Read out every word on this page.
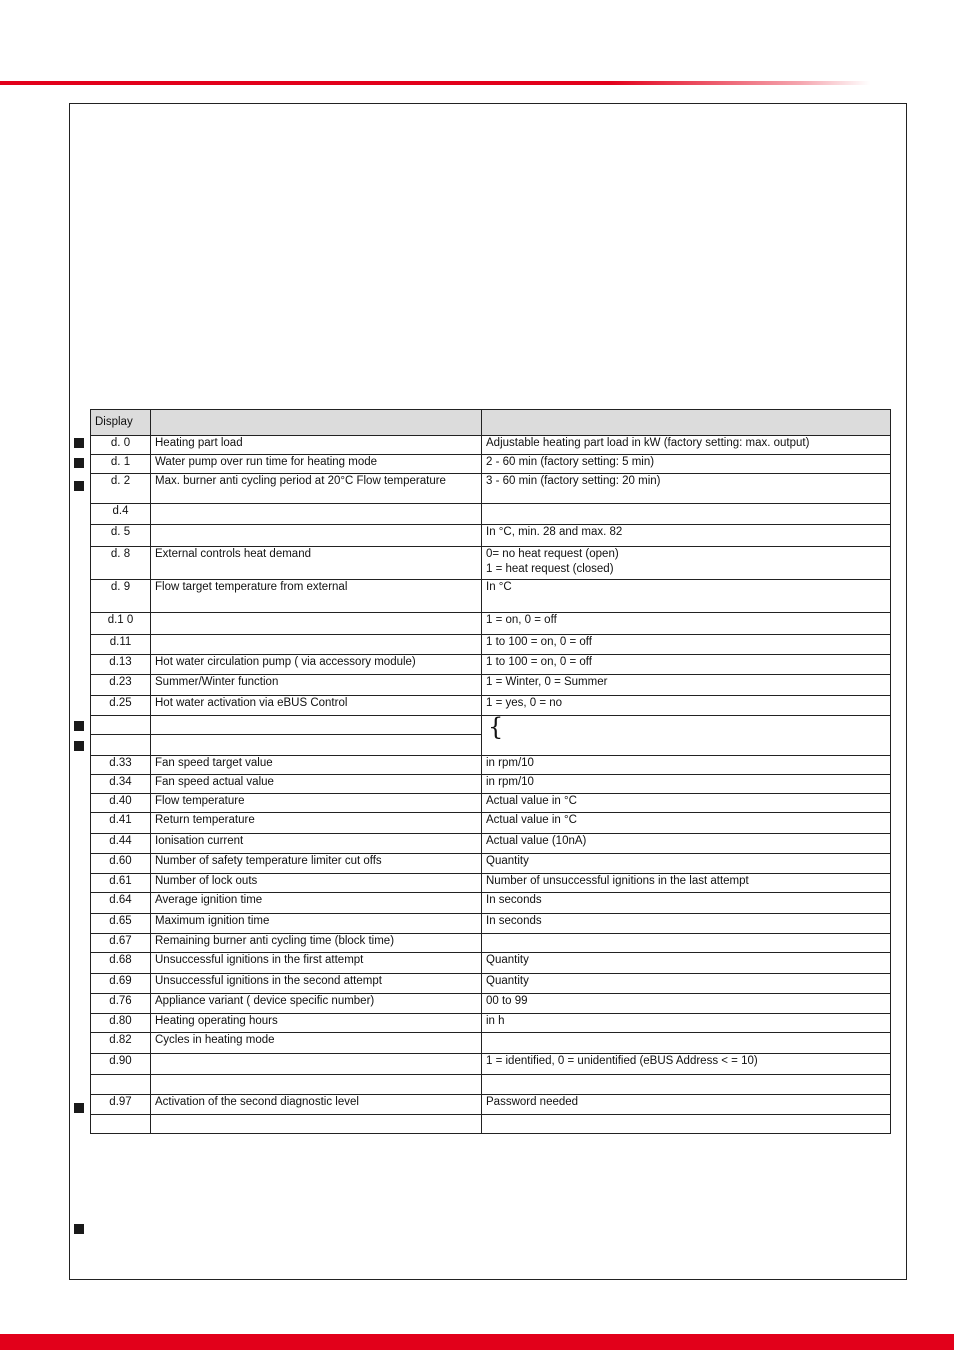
Display		
d. 0	Heating part load	Adjustable heating part load in kW (factory setting: max. output)
d. 1	Water pump over run time for heating mode	2 - 60 min (factory setting: 5 min)
d. 2	Max. burner anti cycling period at 20°C Flow temperature	3 - 60 min (factory setting: 20 min)
d.4		
d. 5		In °C, min. 28 and max. 82
d. 8	External controls heat demand	0= no heat request (open)
1 = heat request (closed)
d. 9	Flow target temperature from external	In °C
d.1 0		1 = on, 0 = off
d.11		1 to 100 = on, 0 = off
d.13	Hot water circulation pump ( via accessory module)	1 to 100 = on, 0 = off
d.23	Summer/Winter function	1 = Winter, 0 = Summer
d.25	Hot water activation via eBUS Control	1 = yes, 0 = no
		{

d.33	Fan speed target value	in rpm/10
d.34	Fan speed actual value	in rpm/10
d.40	Flow temperature	Actual value in °C
d.41	Return temperature	Actual value in °C
d.44	Ionisation current	Actual value (10nA)
d.60	Number of safety temperature limiter cut offs	Quantity
d.61	Number of lock outs	Number of unsuccessful ignitions in the last attempt
d.64	Average ignition time	In seconds
d.65	Maximum ignition time	In seconds
d.67	Remaining burner anti cycling time (block time)	
d.68	Unsuccessful ignitions in the first attempt	Quantity
d.69	Unsuccessful ignitions in the second attempt	Quantity
d.76	Appliance variant ( device specific number)	00 to 99
d.80	Heating operating hours	in h
d.82	Cycles in heating mode	
d.90		1 = identified, 0 = unidentified (eBUS Address < = 10)

d.97	Activation of the second diagnostic level	Password needed
